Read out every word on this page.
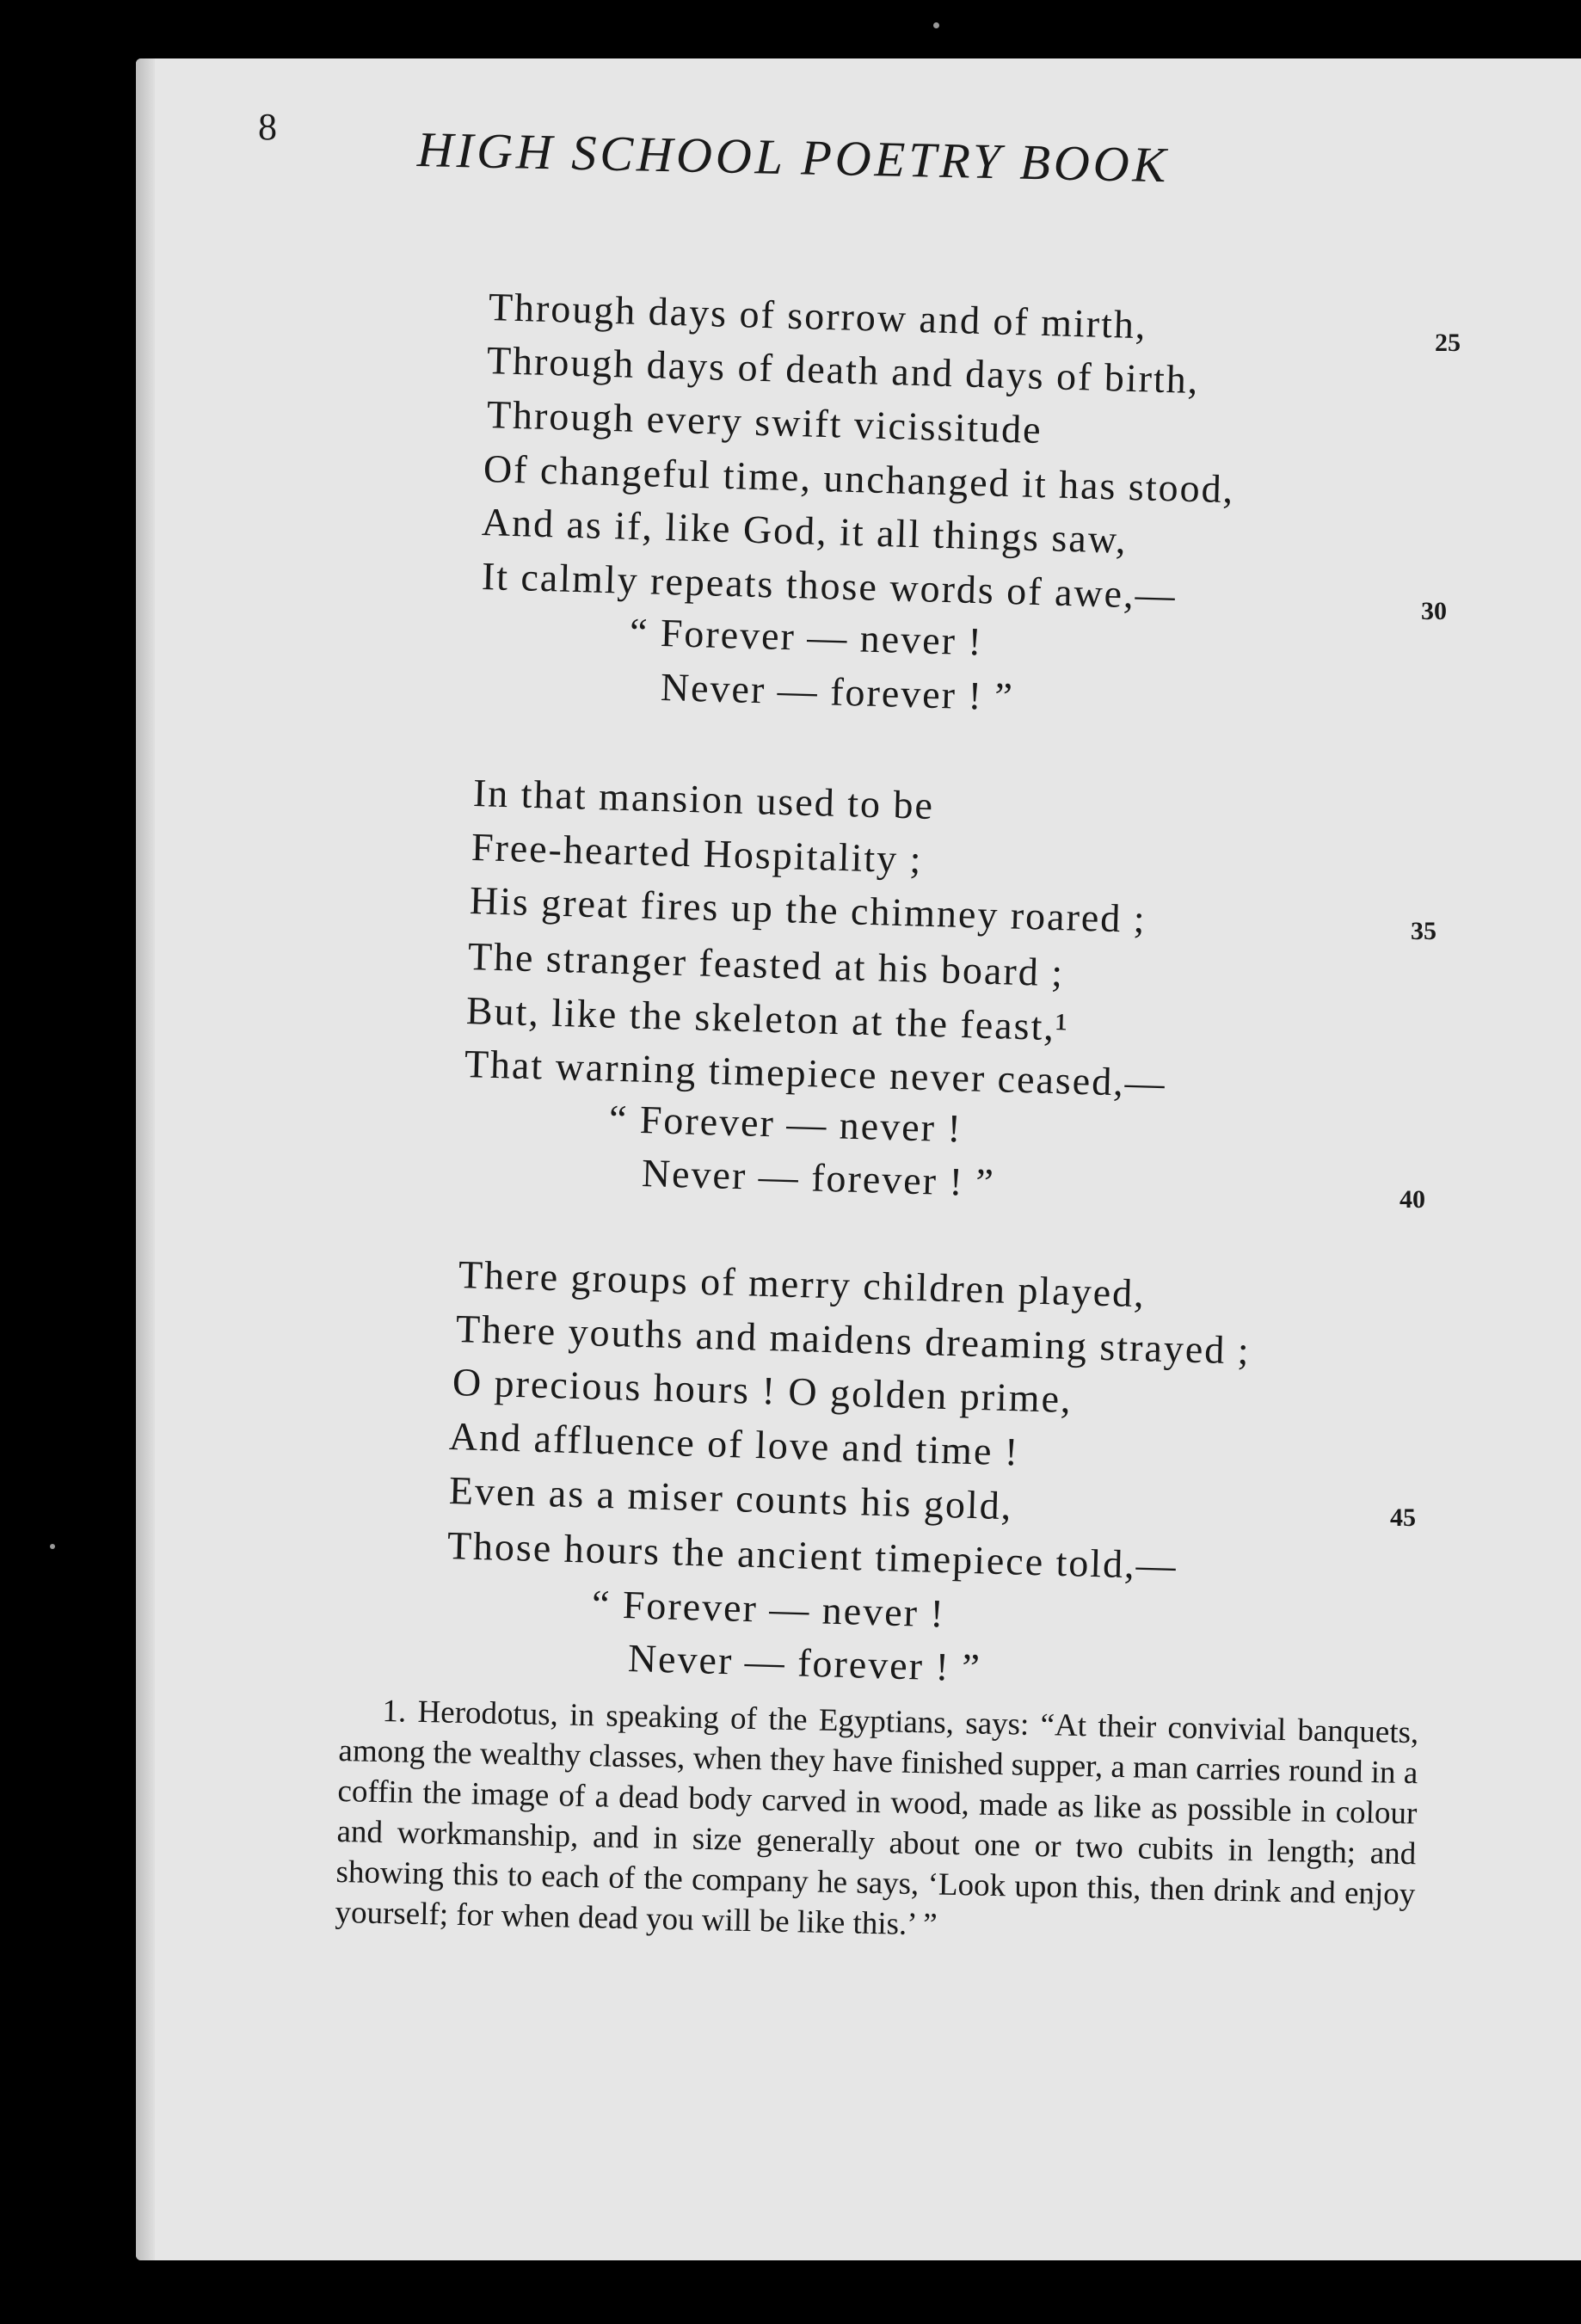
8	HIGH SCHOOL POETRY BOOK
Through days of sorrow and of mirth,
Through days of death and days of birth,
Through every swift vicissitude
Of changeful time, unchanged it has stood,
And as if, like God, it all things saw,
It calmly repeats those words of awe,—
“ Forever — never !
Never — forever ! ”
In that mansion used to be
Free-hearted Hospitality ;
His great fires up the chimney roared ;
The stranger feasted at his board ;
But, like the skeleton at the feast,¹
That warning timepiece never ceased,—
“ Forever — never !
Never — forever ! ”
There groups of merry children played,
There youths and maidens dreaming strayed ;
O precious hours ! O golden prime,
And affluence of love and time !
Even as a miser counts his gold,
Those hours the ancient timepiece told,—
“ Forever — never !
Never — forever ! ”
25
30
35
40
45
1. Herodotus, in speaking of the Egyptians, says: “At their convivial banquets, among the wealthy classes, when they have finished supper, a man carries round in a coffin the image of a dead body carved in wood, made as like as possible in colour and workmanship, and in size generally about one or two cubits in length; and showing this to each of the company he says, ‘Look upon this, then drink and enjoy yourself; for when dead you will be like this.’ ”
